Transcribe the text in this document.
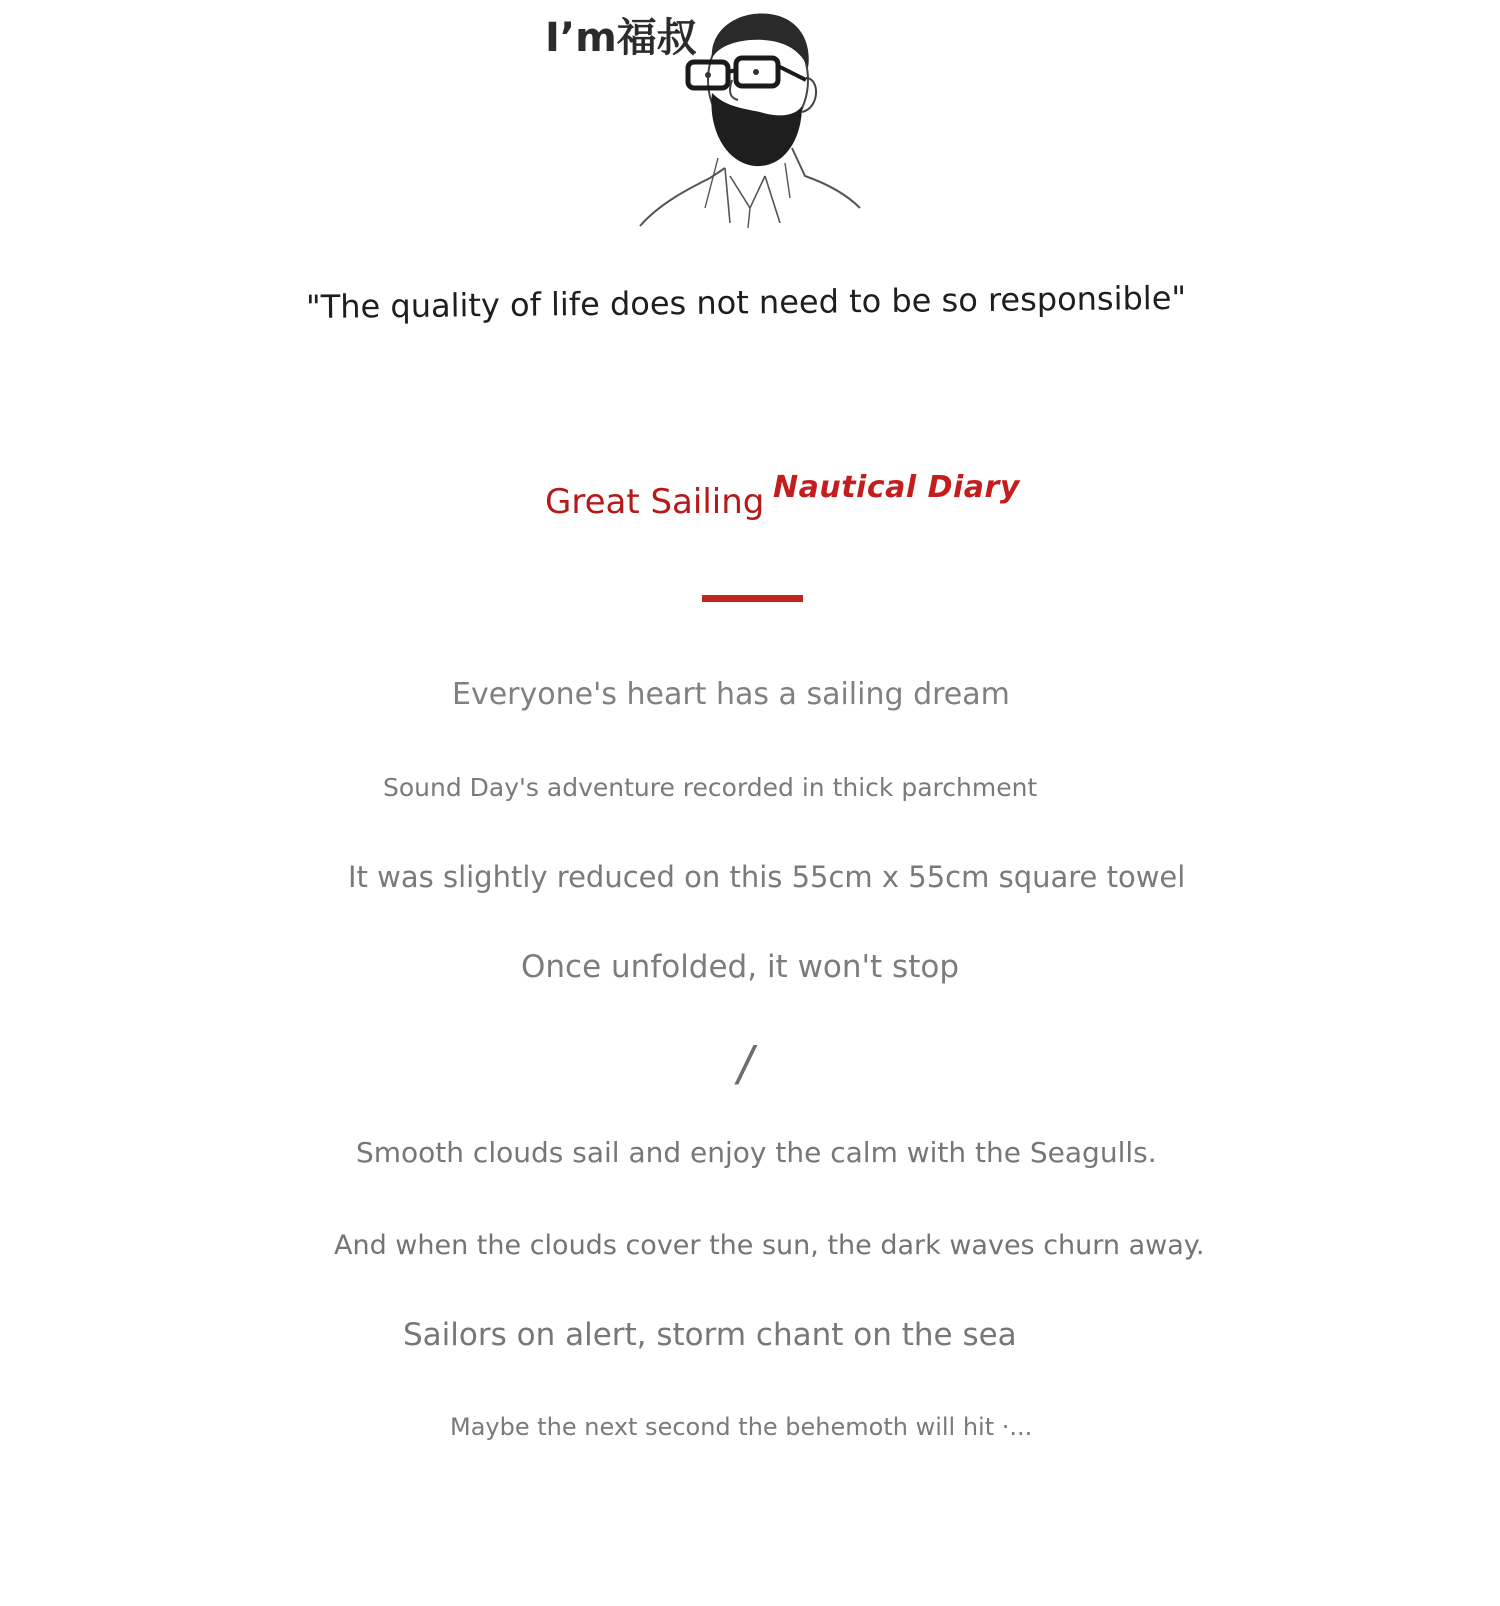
I’m福叔
"The quality of life does not need to be so responsible"
Great Sailing Nautical Diary
Everyone's heart has a sailing dream
Sound Day's adventure recorded in thick parchment
It was slightly reduced on this 55cm x 55cm square towel
Once unfolded, it won't stop
/
Smooth clouds sail and enjoy the calm with the Seagulls.
And when the clouds cover the sun, the dark waves churn away.
Sailors on alert, storm chant on the sea
Maybe the next second the behemoth will hit ·...
